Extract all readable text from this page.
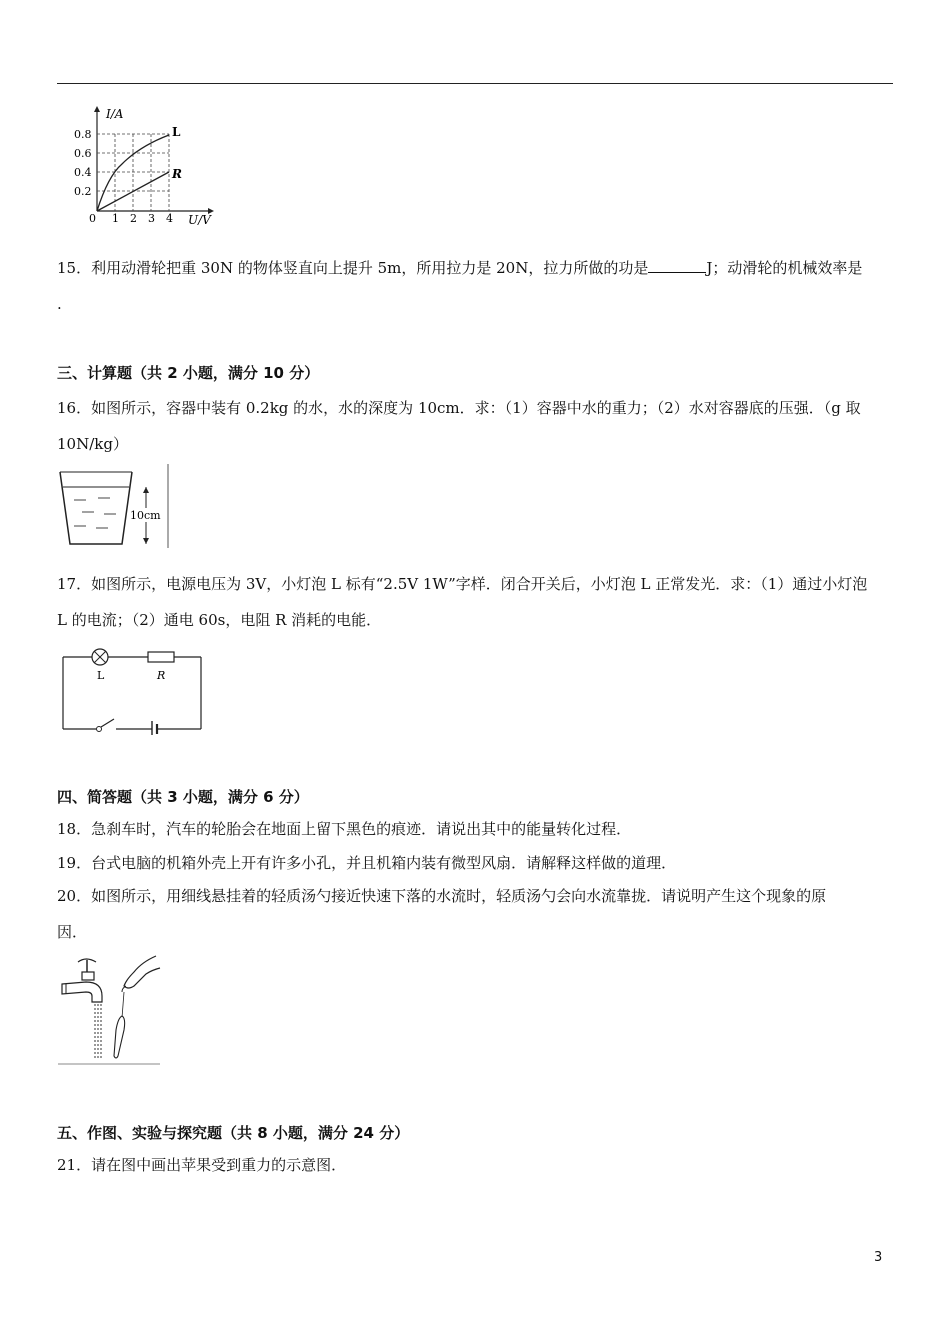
I/A
U/V
0.8
0.6
0.4
0.2
0 1 2 3 4
L
R

15．利用动滑轮把重 30N 的物体竖直向上提升 5m，所用拉力是 20N，拉力所做的功是	J；动滑轮的机械效率是

.

三、计算题（共 2 小题，满分 10 分）

16．如图所示，容器中装有 0.2kg 的水，水的深度为 10cm．求：（1）容器中水的重力；（2）水对容器底的压强．（g 取

10N/kg）

10cm

17．如图所示，电源电压为 3V，小灯泡 L 标有“2.5V 1W”字样．闭合开关后，小灯泡 L 正常发光．求：（1）通过小灯泡

L 的电流；（2）通电 60s，电阻 R 消耗的电能．

L	R
四、简答题（共 3 小题，满分 6 分）

18．急刹车时，汽车的轮胎会在地面上留下黑色的痕迹．请说出其中的能量转化过程．

19．台式电脑的机箱外壳上开有许多小孔，并且机箱内装有微型风扇．请解释这样做的道理．

20．如图所示，用细线悬挂着的轻质汤勺接近快速下落的水流时，轻质汤勺会向水流靠拢．请说明产生这个现象的原

因．

五、作图、实验与探究题（共 8 小题，满分 24 分）

21．请在图中画出苹果受到重力的示意图．

3
